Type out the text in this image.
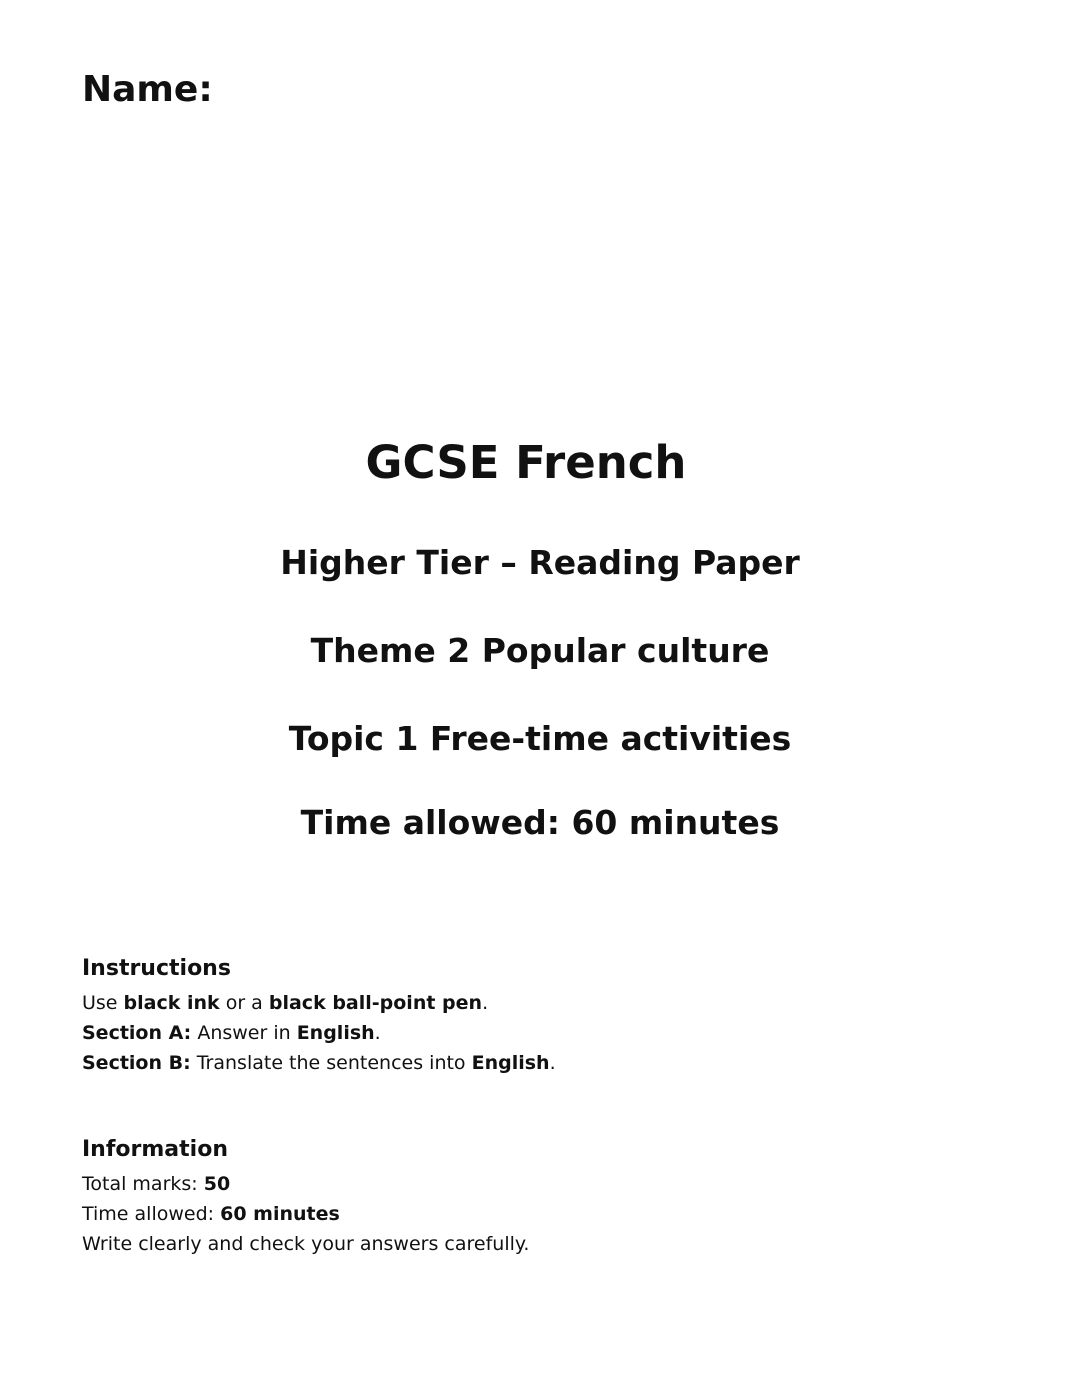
Name:

GCSE French
Higher Tier – Reading Paper
Theme 2 Popular culture
Topic 1 Free-time activities
Time allowed: 60 minutes

Instructions

Use black ink or a black ball-point pen.

Section A: Answer in English.

Section B: Translate the sentences into English.

Information

Total marks: 50

Time allowed: 60 minutes

Write clearly and check your answers carefully.
